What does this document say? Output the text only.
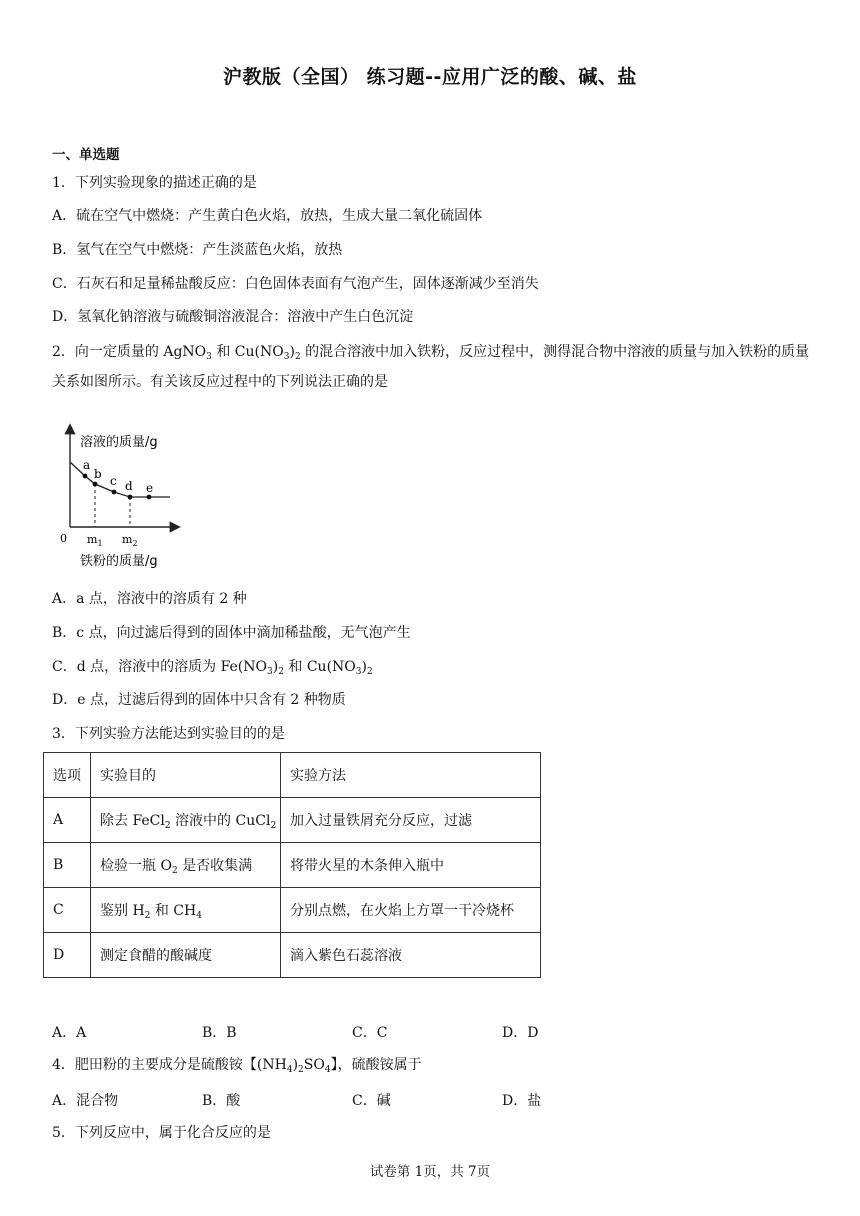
沪教版（全国） 练习题--应用广泛的酸、碱、盐
一、单选题
1．下列实验现象的描述正确的是
A．硫在空气中燃烧：产生黄白色火焰，放热，生成大量二氧化硫固体
B．氢气在空气中燃烧：产生淡蓝色火焰，放热
C．石灰石和足量稀盐酸反应：白色固体表面有气泡产生，固体逐渐减少至消失
D．氢氧化钠溶液与硫酸铜溶液混合：溶液中产生白色沉淀
2．向一定质量的 AgNO$_3$ 和 $Cu(NO_3)_2$ 的混合溶液中加入铁粉，反应过程中，测得混合物中溶液的质量与加入铁粉的质量关系如图所示。有关该反应过程中的下列说法正确的是
溶液的质量/g
a
b c d e
0 $m_1$ $m_2$
铁粉的质量/g
A．a 点，溶液中的溶质有 2 种
B．c 点，向过滤后得到的固体中滴加稀盐酸，无气泡产生
C．d 点，溶液中的溶质为 $Fe(NO_3)_2$ 和 $Cu(NO_3)_2$
D．e 点，过滤后得到的固体中只含有 2 种物质
3．下列实验方法能达到实验目的的是
选项	实验目的	实验方法
A	除去 FeCl$_2$ 溶液中的 CuCl$_2$	加入过量铁屑充分反应，过滤
B	检验一瓶 $O_2$ 是否收集满	将带火星的木条伸入瓶中
C	鉴别 $H_2$ 和 $CH_4$	分别点燃，在火焰上方罩一干冷烧杯
D	测定食醋的酸碱度	滴入紫色石蕊溶液
A．A	B．B	C．C	D．D
4．肥田粉的主要成分是硫酸铵【$(NH_4)_2SO_4$】，硫酸铵属于
A．混合物	B．酸	C．碱	D．盐
5．下列反应中，属于化合反应的是
试卷第 1页，共 7页
